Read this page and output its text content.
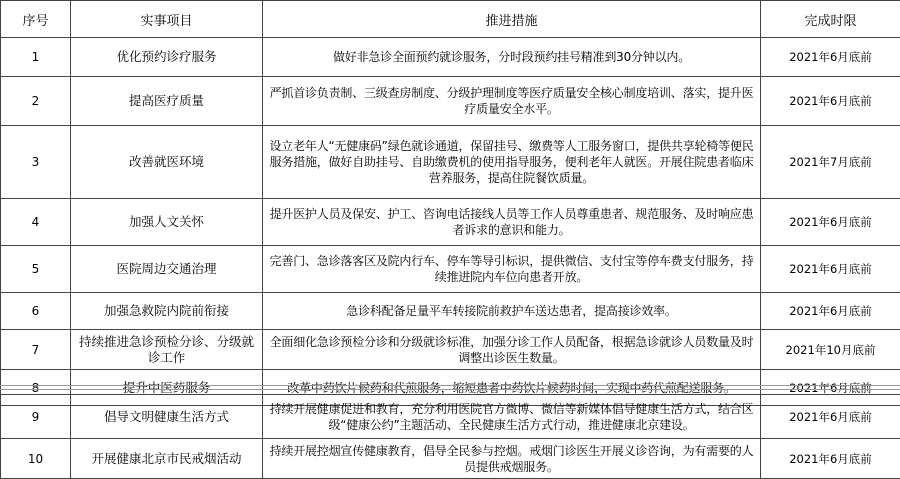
序号	实事项目	推进措施	完成时限
1	优化预约诊疗服务	做好非急诊全面预约就诊服务，分时段预约挂号精准到30分钟以内。	2021年6月底前
2	提高医疗质量	严抓首诊负责制、三级查房制度、分级护理制度等医疗质量安全核心制度培训、落实，提升医疗质量安全水平。	2021年6月底前
3	改善就医环境	设立老年人“无健康码”绿色就诊通道，保留挂号、缴费等人工服务窗口，提供共享轮椅等便民服务措施，做好自助挂号、自助缴费机的使用指导服务，便利老年人就医。开展住院患者临床营养服务，提高住院餐饮质量。	2021年7月底前
4	加强人文关怀	提升医护人员及保安、护工、咨询电话接线人员等工作人员尊重患者、规范服务、及时响应患者诉求的意识和能力。	2021年6月底前
5	医院周边交通治理	完善门、急诊落客区及院内行车、停车等导引标识，提供微信、支付宝等停车费支付服务，持续推进院内车位向患者开放。	2021年6月底前
6	加强急救院内院前衔接	急诊科配备足量平车转接院前救护车送达患者，提高接诊效率。	2021年6月底前
7	持续推进急诊预检分诊、分级就诊工作	全面细化急诊预检分诊和分级就诊标准，加强分诊工作人员配备，根据急诊就诊人员数量及时调整出诊医生数量。	2021年10月底前
8	提升中医药服务	改革中药饮片候药和代煎服务，缩短患者中药饮片候药时间，实现中药代煎配送服务。	2021年6月底前
9	倡导文明健康生活方式	持续开展健康促进和教育，充分利用医院官方微博、微信等新媒体倡导健康生活方式，结合区级“健康公约”主题活动、全民健康生活方式行动，推进健康北京建设。	2021年6月底前
10	开展健康北京市民戒烟活动	持续开展控烟宣传健康教育，倡导全民参与控烟。戒烟门诊医生开展义诊咨询，为有需要的人员提供戒烟服务。	2021年6月底前
